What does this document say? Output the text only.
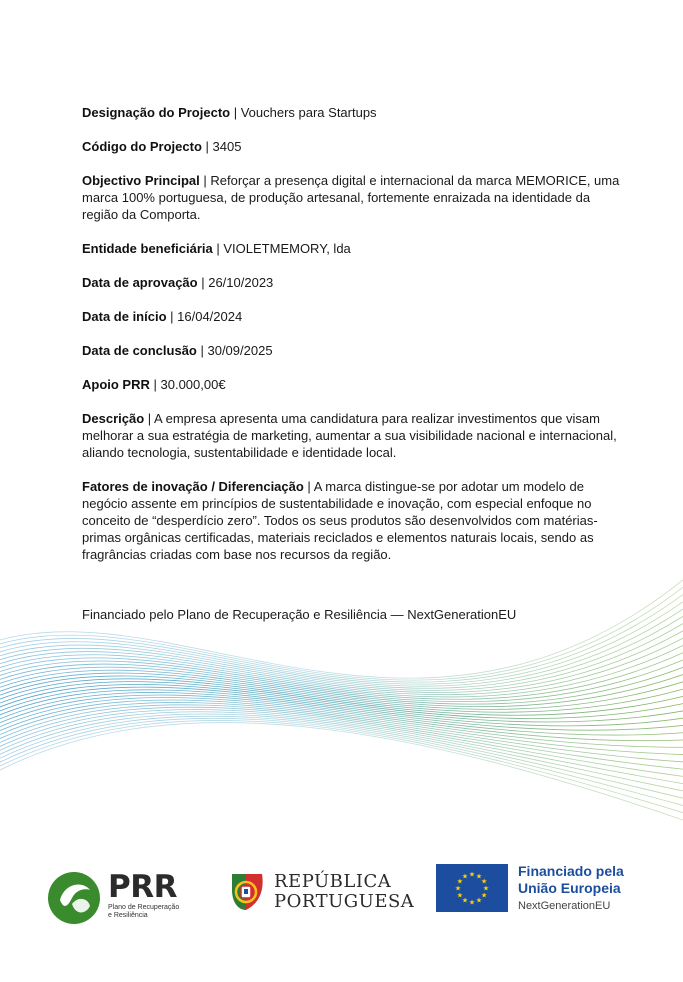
Designação do Projecto | Vouchers para Startups

Código do Projecto | 3405

Objectivo Principal | Reforçar a presença digital e internacional da marca MEMORICE, uma marca 100% portuguesa, de produção artesanal, fortemente enraizada na identidade da região da Comporta.

Entidade beneficiária | VIOLETMEMORY, lda

Data de aprovação | 26/10/2023

Data de início | 16/04/2024

Data de conclusão | 30/09/2025

Apoio PRR | 30.000,00€

Descrição | A empresa apresenta uma candidatura para realizar investimentos que visam melhorar a sua estratégia de marketing, aumentar a sua visibilidade nacional e internacional, aliando tecnologia, sustentabilidade e identidade local.

Fatores de inovação / Diferenciação | A marca distingue-se por adotar um modelo de negócio assente em princípios de sustentabilidade e inovação, com especial enfoque no conceito de “desperdício zero”. Todos os seus produtos são desenvolvidos com matérias-primas orgânicas certificadas, materiais reciclados e elementos naturais locais, sendo as fragrâncias criadas com base nos recursos da região.

Financiado pelo Plano de Recuperação e Resiliência — NextGenerationEU
PRR
Plano de Recuperação
e Resiliência
REPÚBLICA
PORTUGUESA
★ ★
★
★
★
★
★
★
★
★
★
★	Financiado pela
União Europeia
NextGenerationEU
